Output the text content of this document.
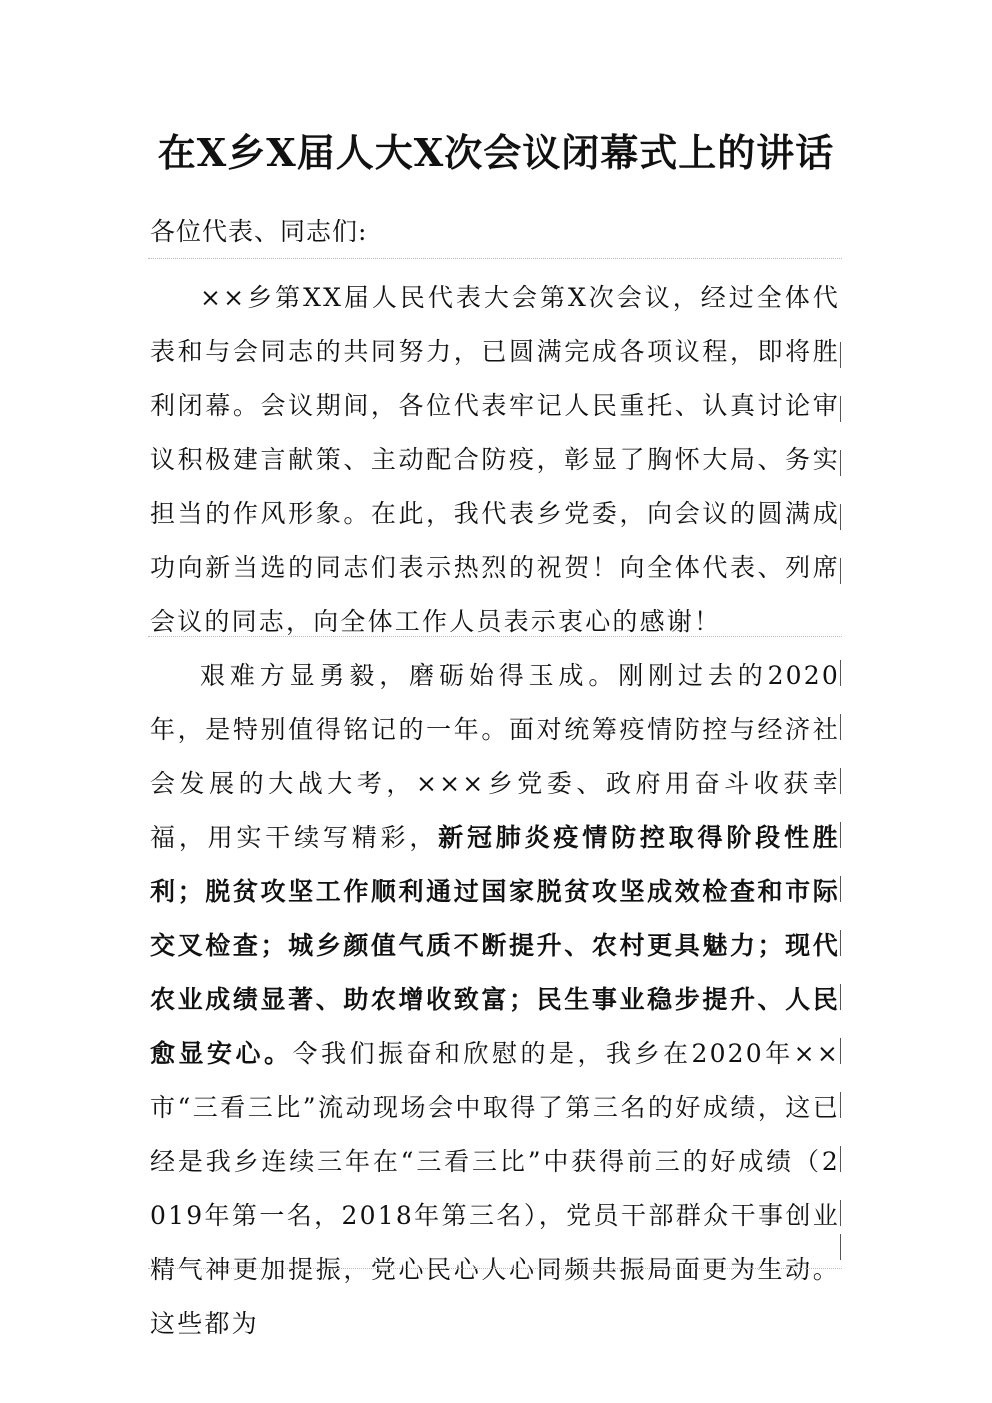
在X乡X届人大X次会议闭幕式上的讲话

各位代表、同志们:

××乡第XX届人民代表大会第X次会议，经过全体代表和与会同志的共同努力，已圆满完成各项议程，即将胜利闭幕。会议期间，各位代表牢记人民重托、认真讨论审议积极建言献策、主动配合防疫，彰显了胸怀大局、务实担当的作风形象。在此，我代表乡党委，向会议的圆满成功向新当选的同志们表示热烈的祝贺！向全体代表、列席会议的同志，向全体工作人员表示衷心的感谢！

艰难方显勇毅，磨砺始得玉成。刚刚过去的2020年，是特别值得铭记的一年。面对统筹疫情防控与经济社会发展的大战大考，×××乡党委、政府用奋斗收获幸福，用实干续写精彩，新冠肺炎疫情防控取得阶段性胜利；脱贫攻坚工作顺利通过国家脱贫攻坚成效检查和市际交叉检查；城乡颜值气质不断提升、农村更具魅力；现代农业成绩显著、助农增收致富；民生事业稳步提升、人民愈显安心。令我们振奋和欣慰的是，我乡在2020年××市“三看三比”流动现场会中取得了第三名的好成绩，这已经是我乡连续三年在“三看三比”中获得前三的好成绩（2019年第一名，2018年第三名），党员干部群众干事创业精气神更加提振，党心民心人心同频共振局面更为生动。这些都为
